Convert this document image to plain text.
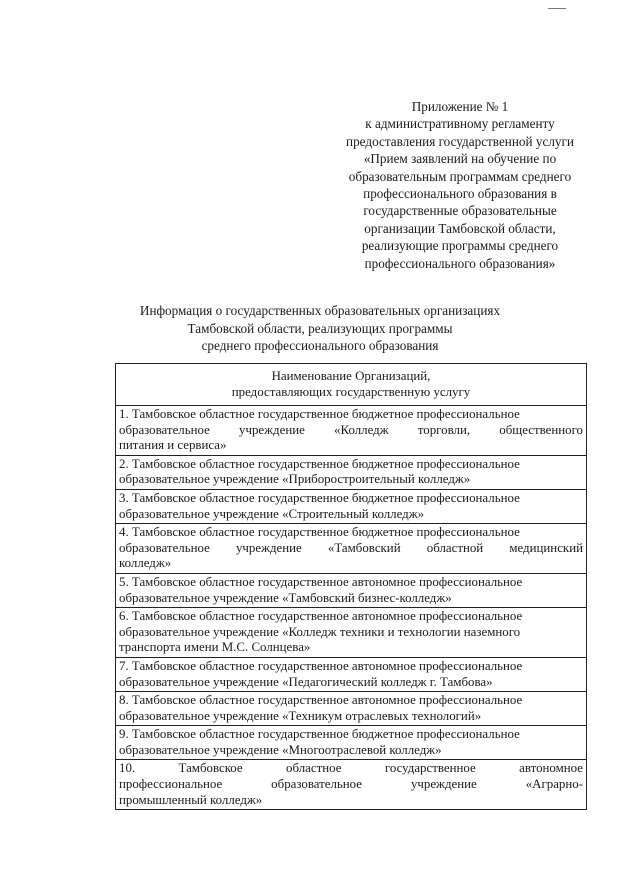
Приложение № 1
к административному регламенту
предоставления государственной услуги
«Прием заявлений на обучение по
образовательным программам среднего
профессионального образования в
государственные образовательные
организации Тамбовской области,
реализующие программы среднего
профессионального образования»
Информация о государственных образовательных организациях
Тамбовской области, реализующих программы
среднего профессионального образования
Наименование Организаций,
предоставляющих государственную услугу

1. Тамбовское областное государственное бюджетное профессиональное
образовательное учреждение «Колледж торговли, общественного
питания и сервиса»

2. Тамбовское областное государственное бюджетное профессиональное
образовательное учреждение «Приборостроительный колледж»

3. Тамбовское областное государственное бюджетное профессиональное
образовательное учреждение «Строительный колледж»

4. Тамбовское областное государственное бюджетное профессиональное
образовательное учреждение «Тамбовский областной медицинский
колледж»

5. Тамбовское областное государственное автономное профессиональное
образовательное учреждение «Тамбовский бизнес-колледж»

6. Тамбовское областное государственное автономное профессиональное
образовательное учреждение «Колледж техники и технологии наземного
транспорта имени М.С. Солнцева»

7. Тамбовское областное государственное автономное профессиональное
образовательное учреждение «Педагогический колледж г. Тамбова»

8. Тамбовское областное государственное автономное профессиональное
образовательное учреждение «Техникум отраслевых технологий»

9. Тамбовское областное государственное бюджетное профессиональное
образовательное учреждение «Многоотраслевой колледж»

10. Тамбовское областное государственное автономное
профессиональное образовательное учреждение «Аграрно-
промышленный колледж»
